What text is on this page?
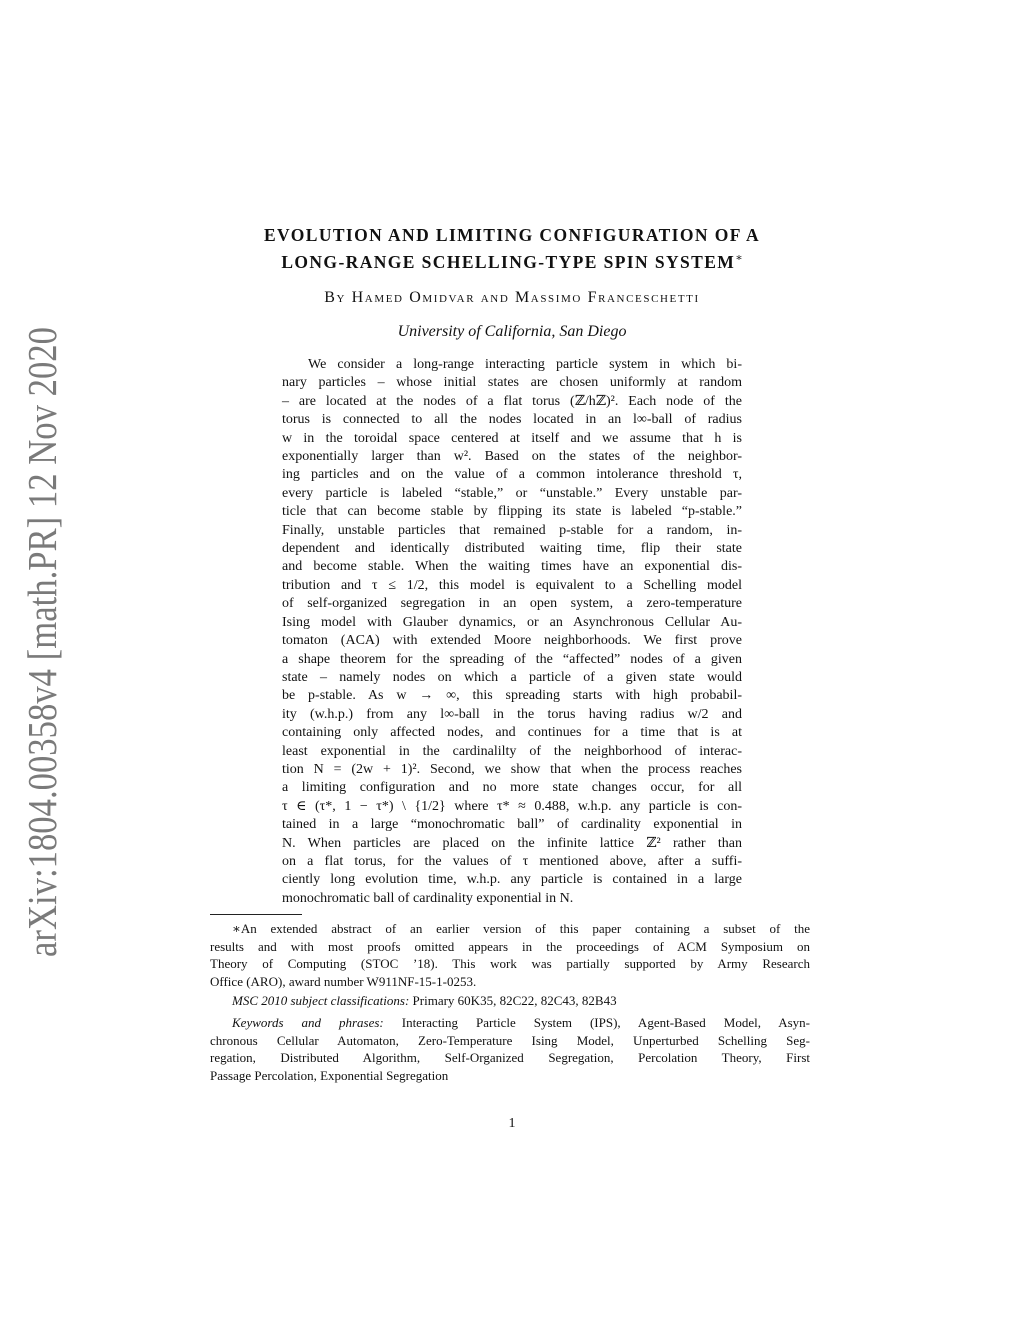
arXiv:1804.00358v4 [math.PR] 12 Nov 2020	EVOLUTION AND LIMITING CONFIGURATION OF A
LONG-RANGE SCHELLING-TYPE SPIN SYSTEM∗
By Hamed Omidvar and Massimo Franceschetti
University of California, San Diego
We consider a long-range interacting particle system in which bi-
nary particles – whose initial states are chosen uniformly at random
– are located at the nodes of a flat torus (ℤ/hℤ)². Each node of the
torus is connected to all the nodes located in an l∞-ball of radius
w in the toroidal space centered at itself and we assume that h is
exponentially larger than w². Based on the states of the neighbor-
ing particles and on the value of a common intolerance threshold τ,
every particle is labeled “stable,” or “unstable.” Every unstable par-
ticle that can become stable by flipping its state is labeled “p-stable.”
Finally, unstable particles that remained p-stable for a random, in-
dependent and identically distributed waiting time, flip their state
and become stable. When the waiting times have an exponential dis-
tribution and τ ≤ 1/2, this model is equivalent to a Schelling model
of self-organized segregation in an open system, a zero-temperature
Ising model with Glauber dynamics, or an Asynchronous Cellular Au-
tomaton (ACA) with extended Moore neighborhoods. We first prove
a shape theorem for the spreading of the “affected” nodes of a given
state – namely nodes on which a particle of a given state would
be p-stable. As w → ∞, this spreading starts with high probabil-
ity (w.h.p.) from any l∞-ball in the torus having radius w/2 and
containing only affected nodes, and continues for a time that is at
least exponential in the cardinalilty of the neighborhood of interac-
tion N = (2w + 1)². Second, we show that when the process reaches
a limiting configuration and no more state changes occur, for all
τ ∈ (τ*, 1 − τ*) \ {1/2} where τ* ≈ 0.488, w.h.p. any particle is con-
tained in a large “monochromatic ball” of cardinality exponential in
N. When particles are placed on the infinite lattice ℤ² rather than
on a flat torus, for the values of τ mentioned above, after a suffi-
ciently long evolution time, w.h.p. any particle is contained in a large
monochromatic ball of cardinality exponential in N.
∗An extended abstract of an earlier version of this paper containing a subset of the
results and with most proofs omitted appears in the proceedings of ACM Symposium on
Theory of Computing (STOC ’18). This work was partially supported by Army Research
Office (ARO), award number W911NF-15-1-0253.
MSC 2010 subject classifications: Primary 60K35, 82C22, 82C43, 82B43
Keywords and phrases: Interacting Particle System (IPS), Agent-Based Model, Asyn-
chronous Cellular Automaton, Zero-Temperature Ising Model, Unperturbed Schelling Seg-
regation, Distributed Algorithm, Self-Organized Segregation, Percolation Theory, First
Passage Percolation, Exponential Segregation
1
